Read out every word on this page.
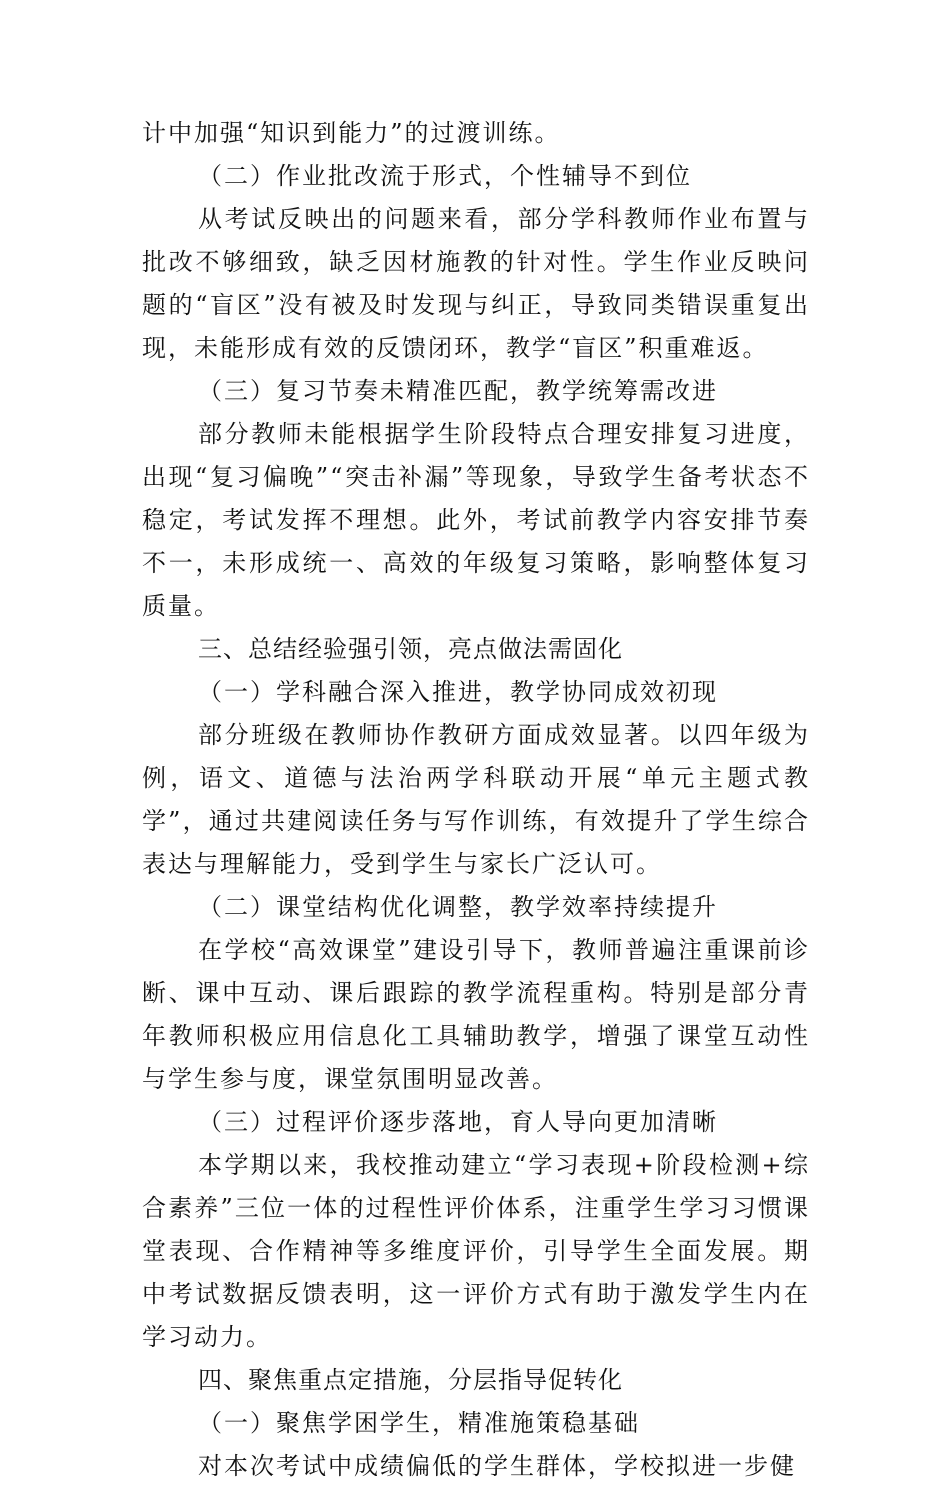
计中加强“知识到能力”的过渡训练。

（二）作业批改流于形式，个性辅导不到位

从考试反映出的问题来看，部分学科教师作业布置与批改不够细致，缺乏因材施教的针对性。学生作业反映问题的“盲区”没有被及时发现与纠正，导致同类错误重复出现，未能形成有效的反馈闭环，教学“盲区”积重难返。

（三）复习节奏未精准匹配，教学统筹需改进

部分教师未能根据学生阶段特点合理安排复习进度，出现“复习偏晚”“突击补漏”等现象，导致学生备考状态不稳定，考试发挥不理想。此外，考试前教学内容安排节奏不一，未形成统一、高效的年级复习策略，影响整体复习质量。

三、总结经验强引领，亮点做法需固化
（一）学科融合深入推进，教学协同成效初现

部分班级在教师协作教研方面成效显著。以四年级为例，语文、道德与法治两学科联动开展“单元主题式教学”，通过共建阅读任务与写作训练，有效提升了学生综合表达与理解能力，受到学生与家长广泛认可。

（二）课堂结构优化调整，教学效率持续提升

在学校“高效课堂”建设引导下，教师普遍注重课前诊断、课中互动、课后跟踪的教学流程重构。特别是部分青年教师积极应用信息化工具辅助教学，增强了课堂互动性与学生参与度，课堂氛围明显改善。

（三）过程评价逐步落地，育人导向更加清晰

本学期以来，我校推动建立“学习表现+阶段检测+综合素养”三位一体的过程性评价体系，注重学生学习习惯课堂表现、合作精神等多维度评价，引导学生全面发展。期中考试数据反馈表明，这一评价方式有助于激发学生内在学习动力。

四、聚焦重点定措施，分层指导促转化
（一）聚焦学困学生，精准施策稳基础

对本次考试中成绩偏低的学生群体，学校拟进一步健
